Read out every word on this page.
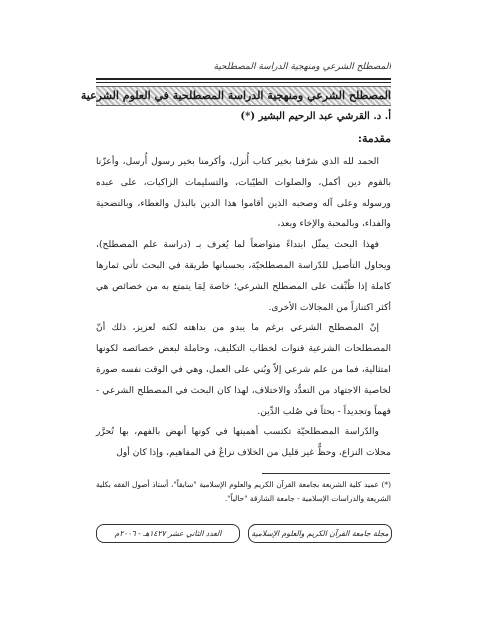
المصطلح الشرعي ومنهجية الدراسة المصطلحية
المصطلح الشرعي ومنهجية الدراسة المصطلحية في العلوم الشرعية
أ. د. القرشي عبد الرحيم البشير (*)
مقدمة:

الحمد لله الذي شرّفنا بخير كتاب أُنزل، وأكرمنا بخير رسول أُرسل، وأعزّنا بالقوم دين أكمل، والصلوات الطيّبات، والتسليمات الزاكيات، على عبده ورسوله وعلى آله وصحبه الذين أقاموا هذا الدين بالبذل والعطاء، وبالتضحية والفداء، وبالمحبة والإخاء وبعد،

فهذا البحث يمثّل ابتداءً متواضعاً لما يُعرف بـ (دراسة علم المصطلح)، ويحاول التأصيل للدّراسة المصطلحيّة، بحسبانها طريقة في البحث تأتي ثمارها كاملة إذا طُبِّقت على المصطلح الشرعي؛ خاصة لِمَا يتمتع به من خصائص هي أكثر اكتنازاً من المجالات الأخرى.

إنّ المصطلح الشرعي برغم ما يبدو من بداهته لكنه لعزيز، ذلك أنّ المصطلحات الشرعية قنوات لخطاب التكليف، وحاملة لبعض خصائصه لكونها امتثالية، فما من علم شرعي إلاّ وبُني على العمل، وهي في الوقت نفسه صورة لخاصية الاجتهاد من التعدُّد والاختلاف، لهذا كان البحث في المصطلح الشرعي - فهماً وتجديداً - بحثاً في صُلب الدِّين.

والدّراسة المصطلحيّة تكتسب أهميتها في كونها أنهض بالفهم، بها تُحرَّر محلات النزاع، وحظٌّ غير قليل من الخلاف نزاعٌ في المفاهيم، وإذا كان أول

(*) عميد كلية الشريعة بجامعة القرآن الكريم والعلوم الإسلامية "سابقاً"، أستاذ أصول الفقه بكلية الشريعة والدراسات الإسلامية - جامعة الشارقة "حالياً".
مجلة جامعة القرآن الكريم والعلوم الإسلامية
العدد الثاني عشر ١٤٢٧هـ - ٢٠٠٦م
